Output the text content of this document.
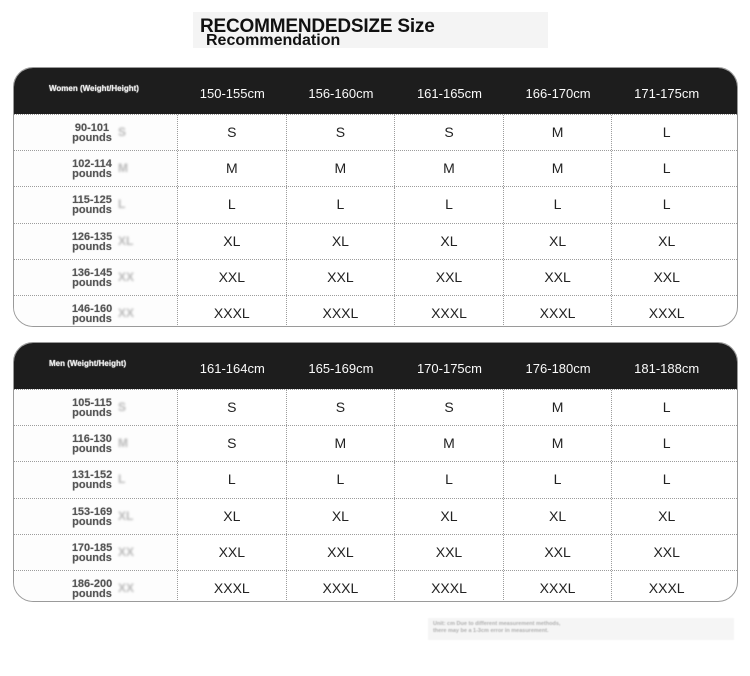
RECOMMENDEDSIZE Size
Recommendation
Women (Weight/Height)	150-155cm	156-160cm	161-165cm	166-170cm	171-175cm
90-101 pounds S	S	S	S	M	L
102-114 pounds M	M	M	M	M	L
115-125 pounds L	L	L	L	L	L
126-135 pounds XL	XL	XL	XL	XL	XL
136-145 pounds XX	XXL	XXL	XXL	XXL	XXL
146-160 pounds XX	XXXL	XXXL	XXXL	XXXL	XXXL
Men (Weight/Height)	161-164cm	165-169cm	170-175cm	176-180cm	181-188cm
105-115 pounds S	S	S	S	M	L
116-130 pounds M	S	M	M	M	L
131-152 pounds L	L	L	L	L	L
153-169 pounds XL	XL	XL	XL	XL	XL
170-185 pounds XX	XXL	XXL	XXL	XXL	XXL
186-200 pounds XX	XXXL	XXXL	XXXL	XXXL	XXXL
Unit: cm Due to different measurement methods,
there may be a 1-3cm error in measurement.
